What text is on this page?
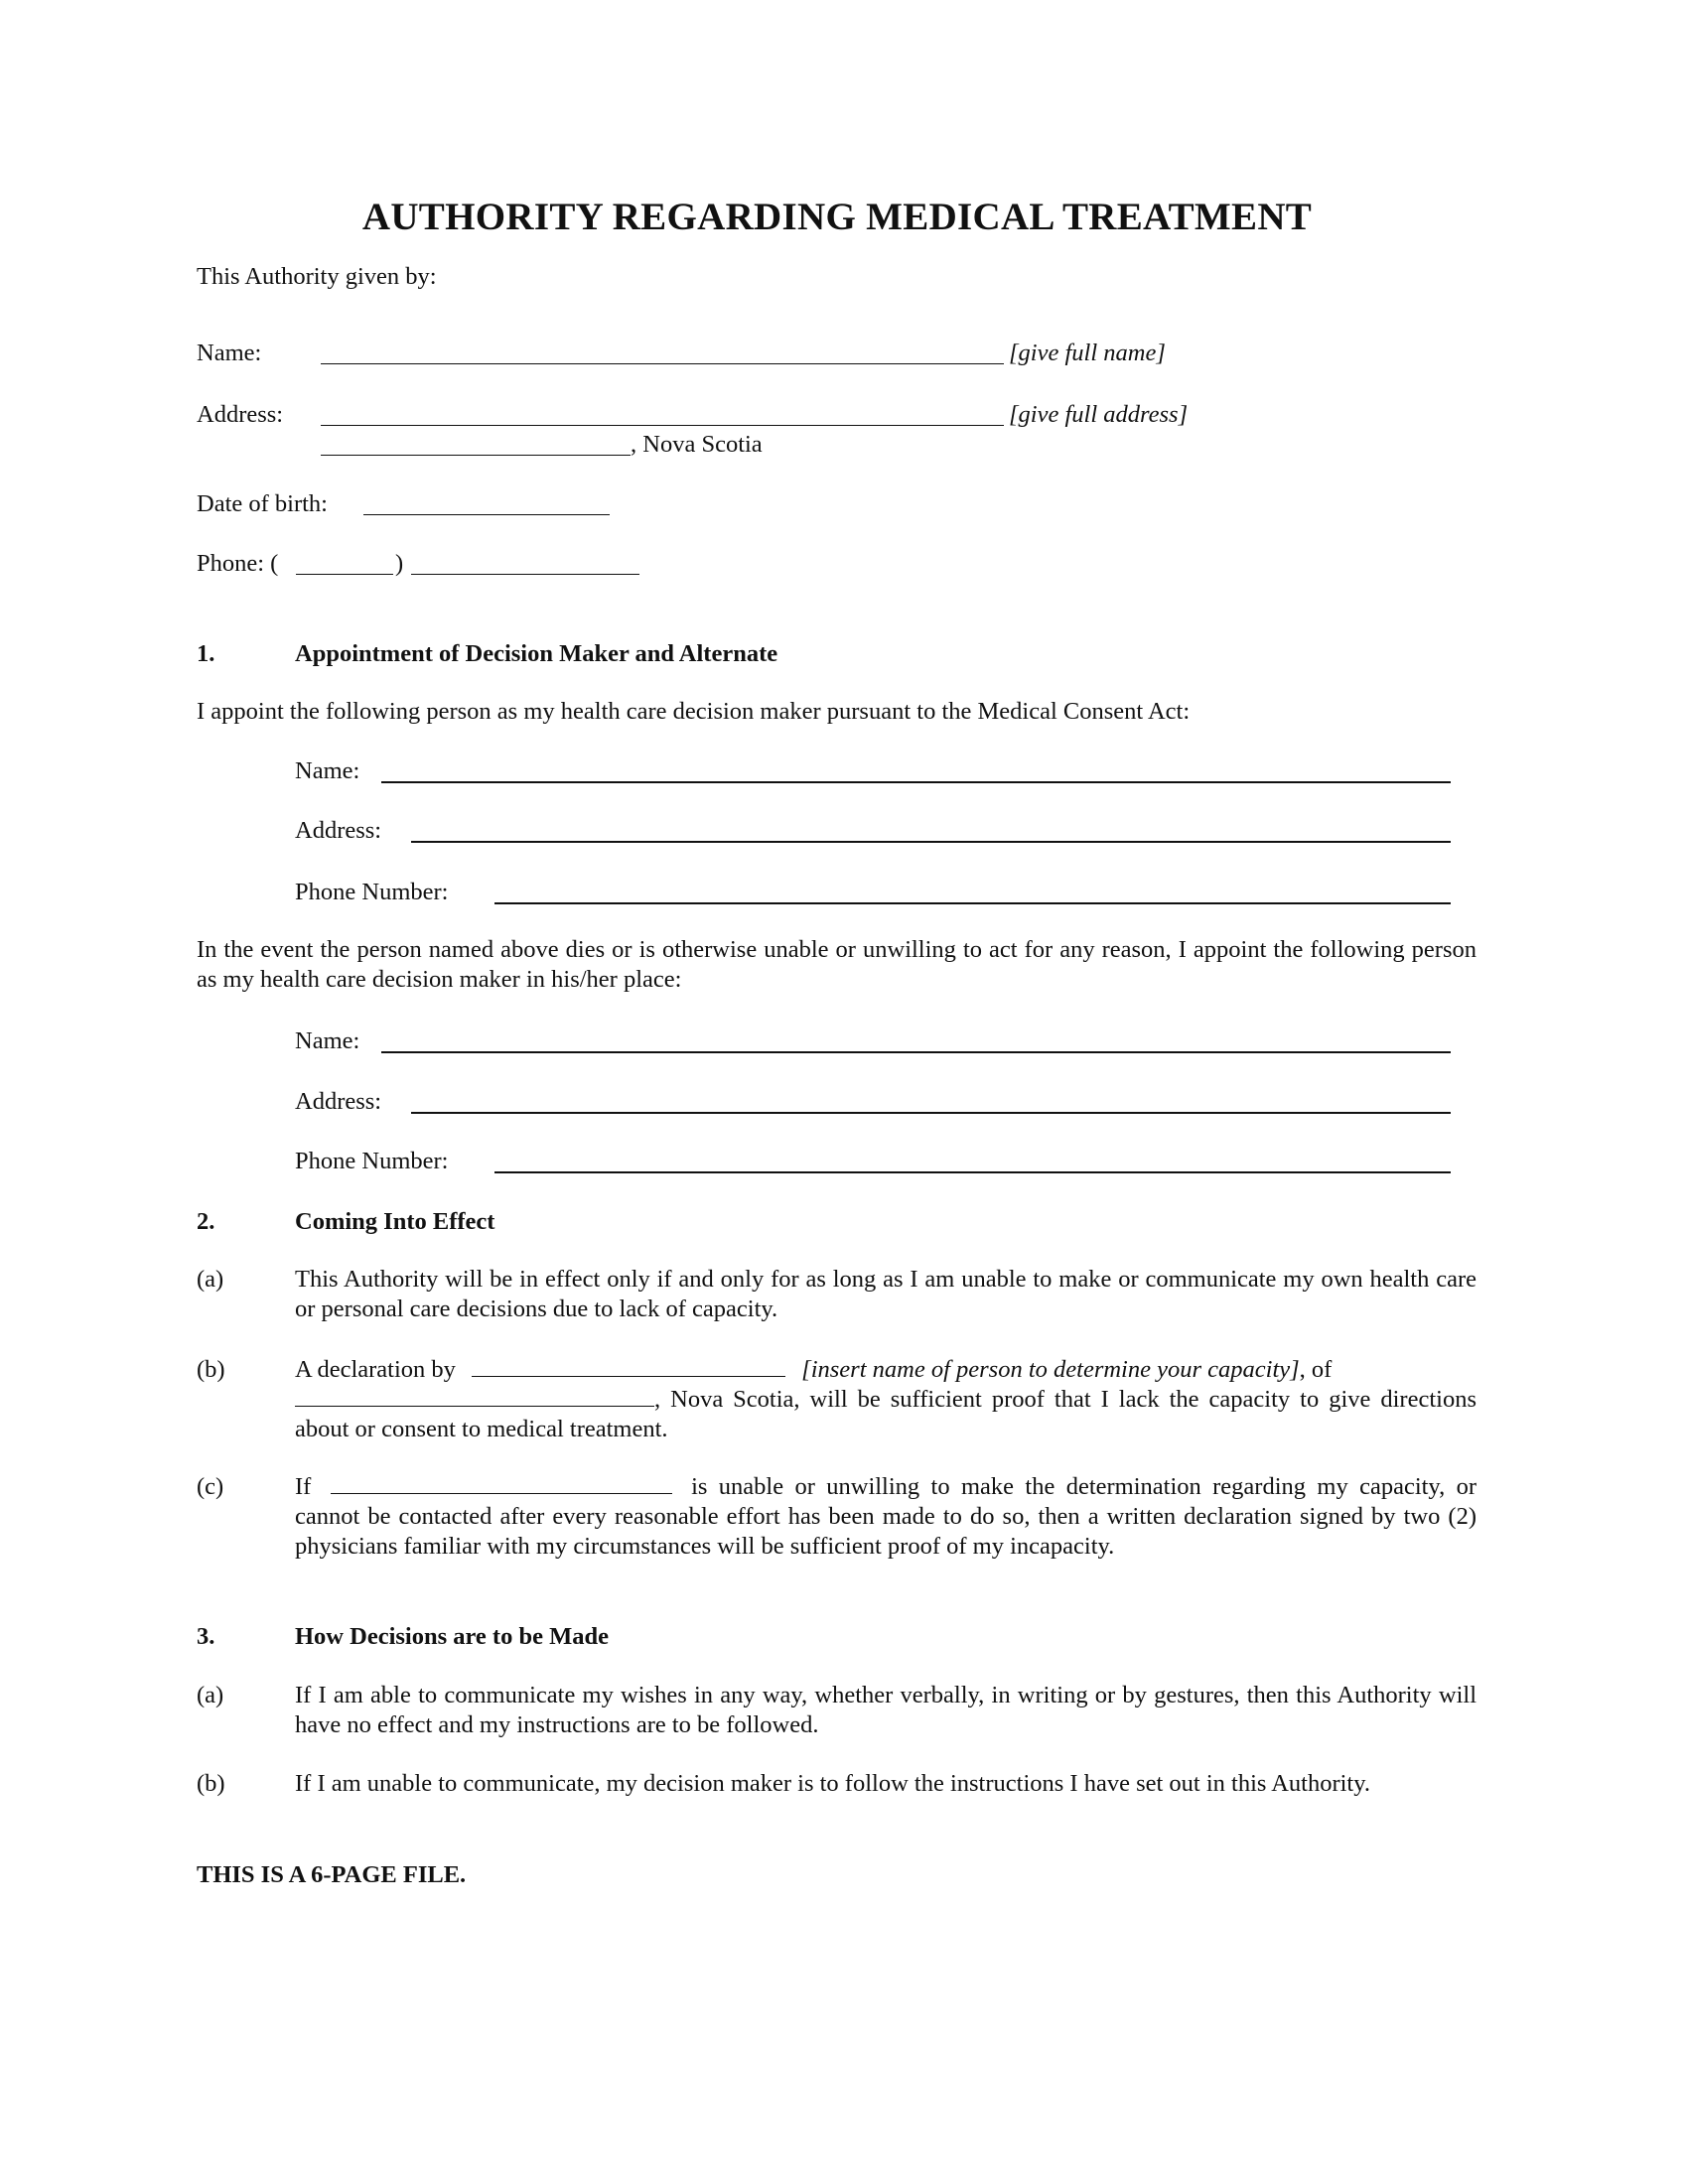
AUTHORITY REGARDING MEDICAL TREATMENT
This Authority given by:
Name:	[give full name]
Address:	[give full address]
, Nova Scotia
Date of birth:
Phone: (	)
1.	Appointment of Decision Maker and Alternate
I appoint the following person as my health care decision maker pursuant to the Medical Consent Act:
Name:
Address:
Phone Number:
In the event the person named above dies or is otherwise unable or unwilling to act for any reason, I appoint the following person as my health care decision maker in his/her place:
Name:
Address:
Phone Number:
2.	Coming Into Effect
(a)	This Authority will be in effect only if and only for as long as I am unable to make or communicate my own health care or personal care decisions due to lack of capacity.
(b)	A declaration by	[insert name of person to determine your capacity], of
, Nova Scotia, will be sufficient proof that I lack the capacity to give directions about or consent to medical treatment.
(c)	If	is unable or unwilling to make the determination regarding my capacity, or cannot be contacted after every reasonable effort has been made to do so, then a written declaration signed by two (2) physicians familiar with my circumstances will be sufficient proof of my incapacity.
3.	How Decisions are to be Made
(a)	If I am able to communicate my wishes in any way, whether verbally, in writing or by gestures, then this Authority will have no effect and my instructions are to be followed.
(b)	If I am unable to communicate, my decision maker is to follow the instructions I have set out in this Authority.
THIS IS A 6-PAGE FILE.
